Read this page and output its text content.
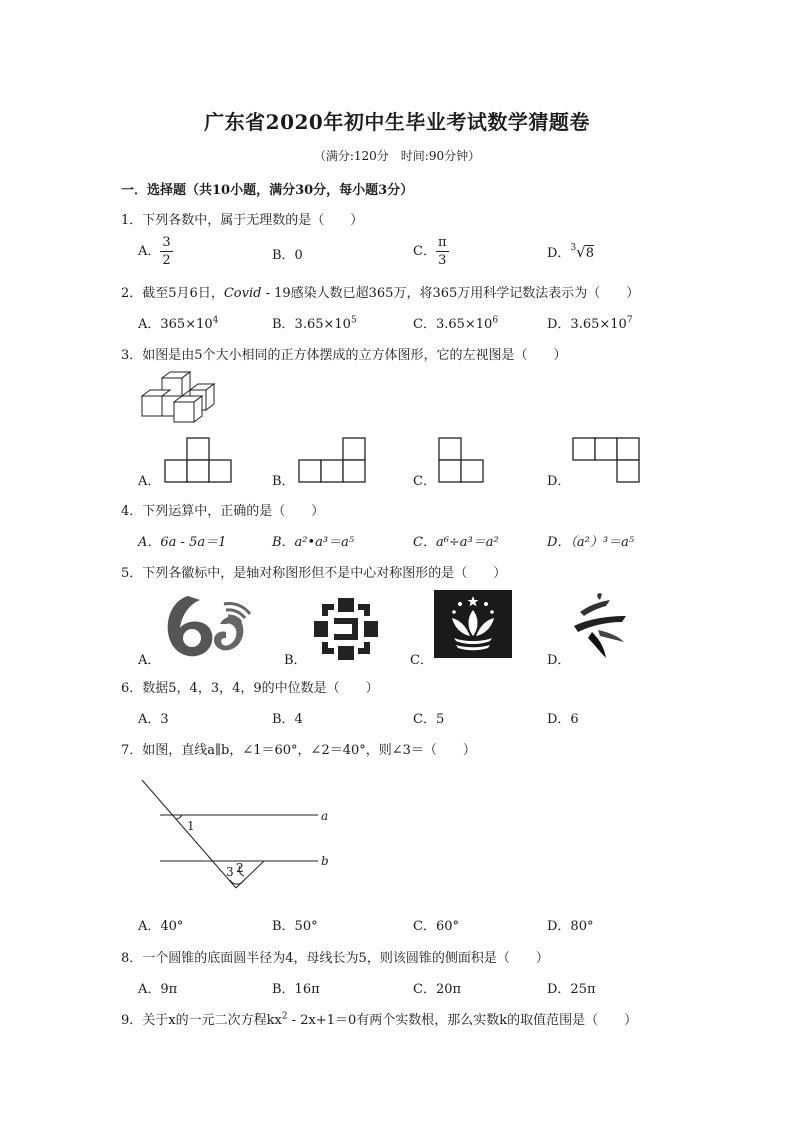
广东省2020年初中生毕业考试数学猜题卷
（满分:120分　时间:90分钟）
一．选择题（共10小题，满分30分，每小题3分）
1．下列各数中，属于无理数的是（　　）
A． $\frac{3}{2}$	B．0	C． $\frac{\pi}{3}$	D．$^3$√8
2．截至5月6日，Covid - 19感染人数已超365万，将365万用科学记数法表示为（　　）
A．$365\times 10^4$	B．$3.65\times 10^5$	C．$3.65\times 10^6$	D．$3.65\times 10^7$
3．如图是由5个大小相同的正方体摆成的立方体图形，它的左视图是（　　）
A．	B．	C．	D．
4．下列运算中，正确的是（　　）
A．6a - 5a＝1	B．a²•a³＝a⁵	C．a⁶÷a³＝a²	D．（a²）³＝a⁵
5．下列各徽标中，是轴对称图形但不是中心对称图形的是（　　）
A．	B．	C．	D．
6．数据5，4，3，4，9的中位数是（　　）
A．3	B．4	C．5	D．6
7．如图，直线a∥b，∠1＝60°，∠2＝40°，则∠3＝（　　）
1
2
3
a
b
A．40°	B．50°	C．60°	D．80°
8．一个圆锥的底面圆半径为4，母线长为5，则该圆锥的侧面积是（　　）
A．9π	B．16π	C．20π	D．25π
9．关于x的一元二次方程$kx^2 - 2x+1=0$有两个实数根，那么实数k的取值范围是（　　）
